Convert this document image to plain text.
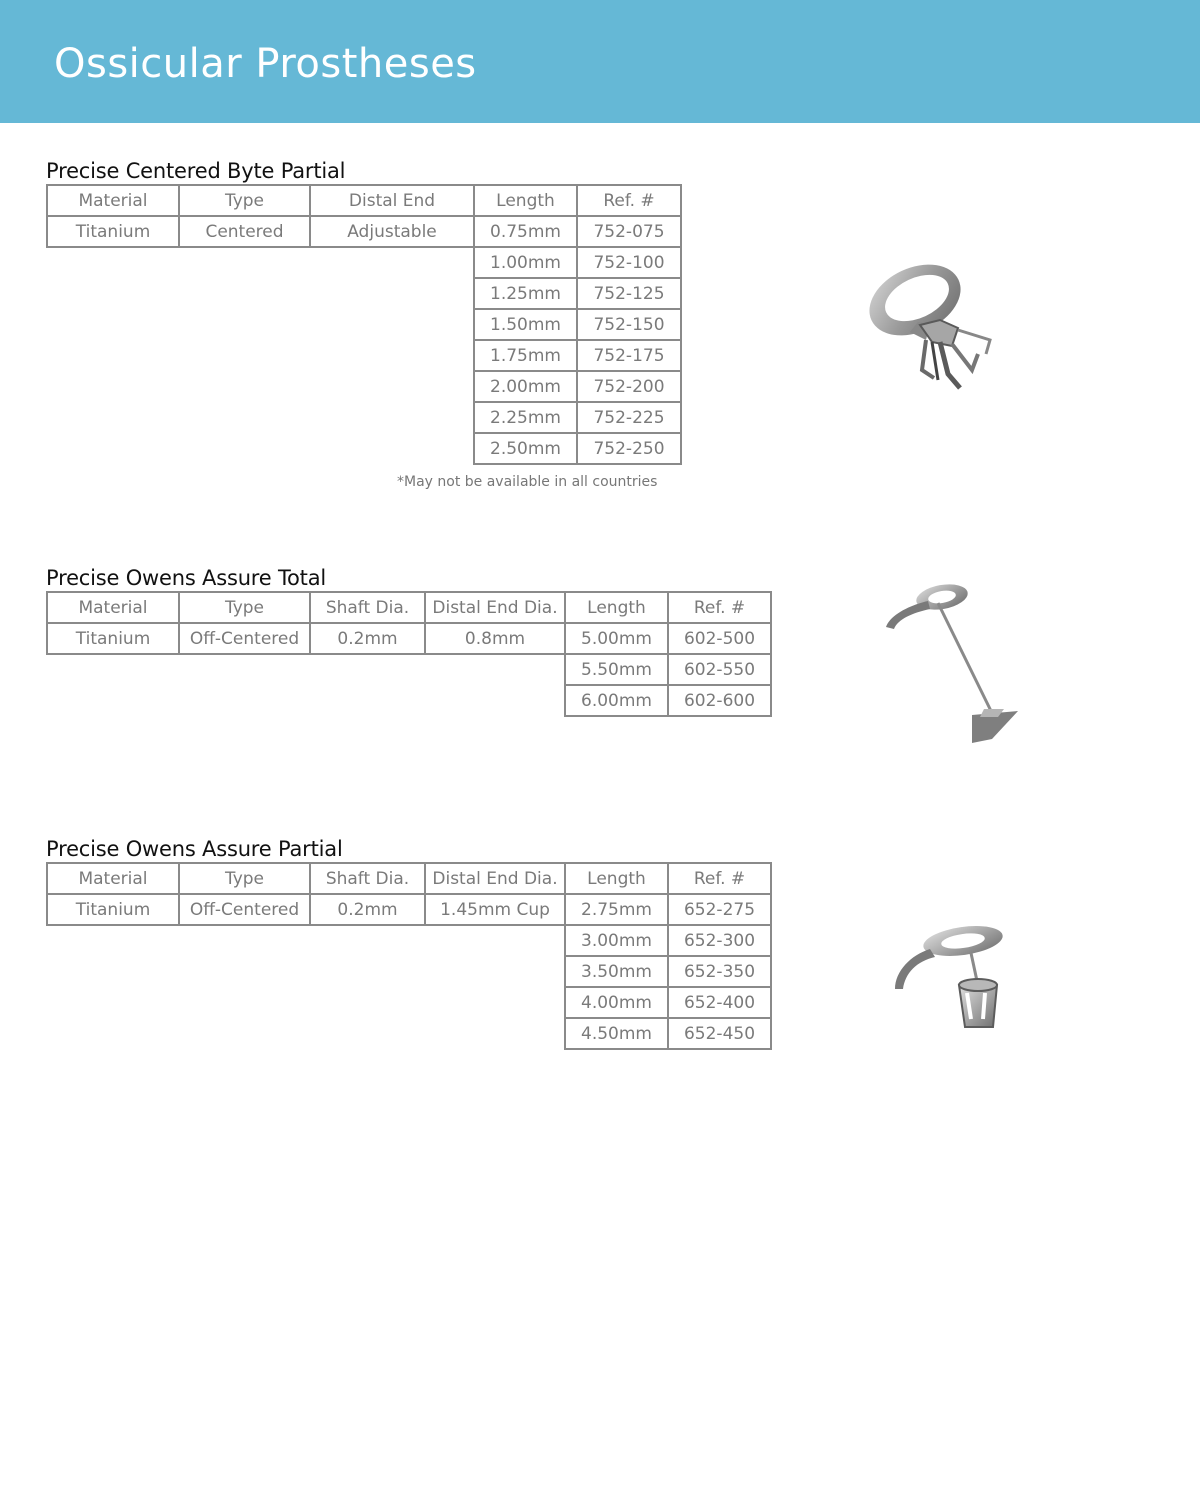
Ossicular Prostheses
Precise Centered Byte Partial
Material	Type	Distal End	Length	Ref. #
Titanium	Centered	Adjustable	0.75mm	752-075
			1.00mm	752-100
			1.25mm	752-125
			1.50mm	752-150
			1.75mm	752-175
			2.00mm	752-200
			2.25mm	752-225
			2.50mm	752-250
*May not be available in all countries
Precise Owens Assure Total
Material	Type	Shaft Dia.	Distal End Dia.	Length	Ref. #
Titanium	Off-Centered	0.2mm	0.8mm	5.00mm	602-500
				5.50mm	602-550
				6.00mm	602-600
Precise Owens Assure Partial
Material	Type	Shaft Dia.	Distal End Dia.	Length	Ref. #
Titanium	Off-Centered	0.2mm	1.45mm Cup	2.75mm	652-275
				3.00mm	652-300
				3.50mm	652-350
				4.00mm	652-400
				4.50mm	652-450
